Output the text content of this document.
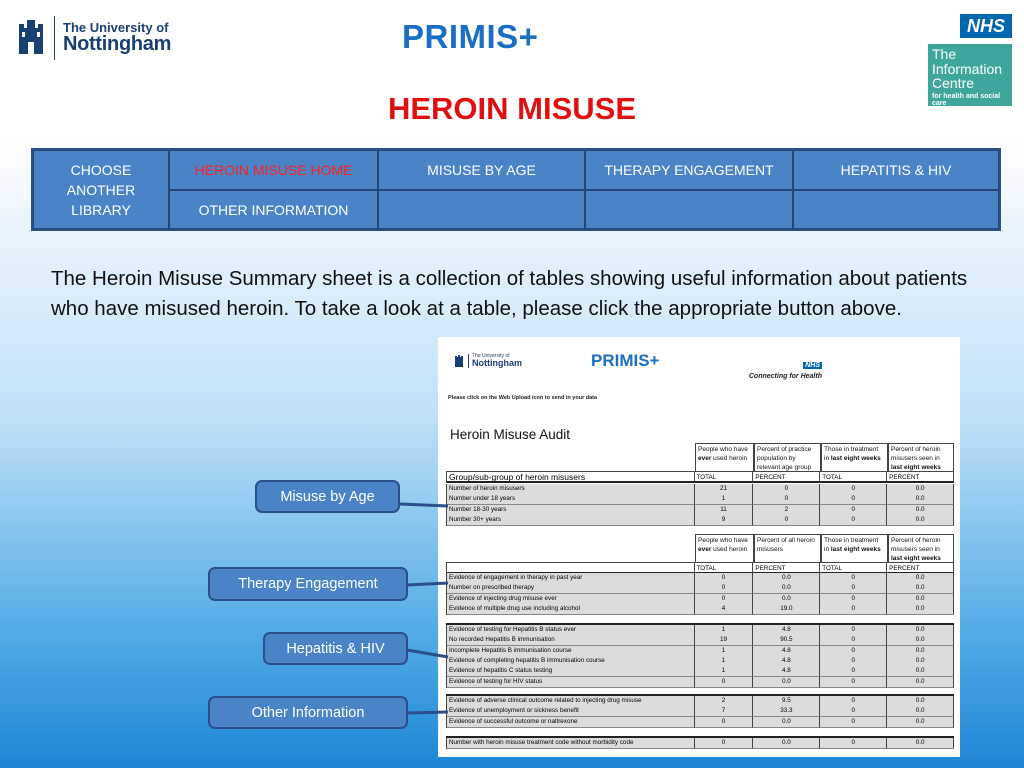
The University of
Nottingham	PRIMIS+	NHS
The
Information
Centre
for health and social care
HEROIN MISUSE
CHOOSE ANOTHER LIBRARY
HEROIN MISUSE HOME	MISUSE BY AGE	THERAPY ENGAGEMENT	HEPATITIS & HIV
OTHER INFORMATION
The Heroin Misuse Summary sheet is a collection of tables showing useful information about patients who have misused heroin. To take a look at a table, please click the appropriate button above.
The University of
Nottingham	PRIMIS+	NHS
Connecting for Health
Please click on the Web Upload icon to send in your data
Heroin Misuse Audit
People who have ever used heroin
Percent of practice population by relevant age group
Those in treatment in last eight weeks
Percent of heroin misusers seen in last eight weeks
Group/sub-group of heroin misusers	TOTAL	PERCENT	TOTAL	PERCENT
Number of heroin misusers	21	0	0	0.0
Number under 18 years	1	0	0	0.0
Number 18-30 years	11	2	0	0.0
Number 30+ years	9	0	0	0.0
People who have ever used heroin
Percent of all heroin misusers
Those in treatment in last eight weeks
Percent of heroin misusers seen in last eight weeks
TOTAL	PERCENT	TOTAL	PERCENT
Evidence of engagement in therapy in past year	0	0.0	0	0.0
Number on prescribed therapy	0	0.0	0	0.0
Evidence of injecting drug misuse ever	0	0.0	0	0.0
Evidence of multiple drug use including alcohol	4	19.0	0	0.0
Evidence of testing for Hepatitis B status ever	1	4.8	0	0.0
No recorded Hepatitis B immunisation	19	90.5	0	0.0
Incomplete Hepatitis B immunisation course	1	4.8	0	0.0
Evidence of completing hepatitis B immunisation course	1	4.8	0	0.0
Evidence of hepatitis C status testing	1	4.8	0	0.0
Evidence of testing for HIV status	0	0.0	0	0.0
Evidence of adverse clinical outcome related to injecting drug misuse	2	9.5	0	0.0
Evidence of unemployment or sickness benefit	7	33.3	0	0.0
Evidence of successful outcome or naltrexone	0	0.0	0	0.0
Number with heroin misuse treatment code without morbidity code	0	0.0	0	0.0
Misuse by Age
Therapy Engagement
Hepatitis & HIV
Other Information
